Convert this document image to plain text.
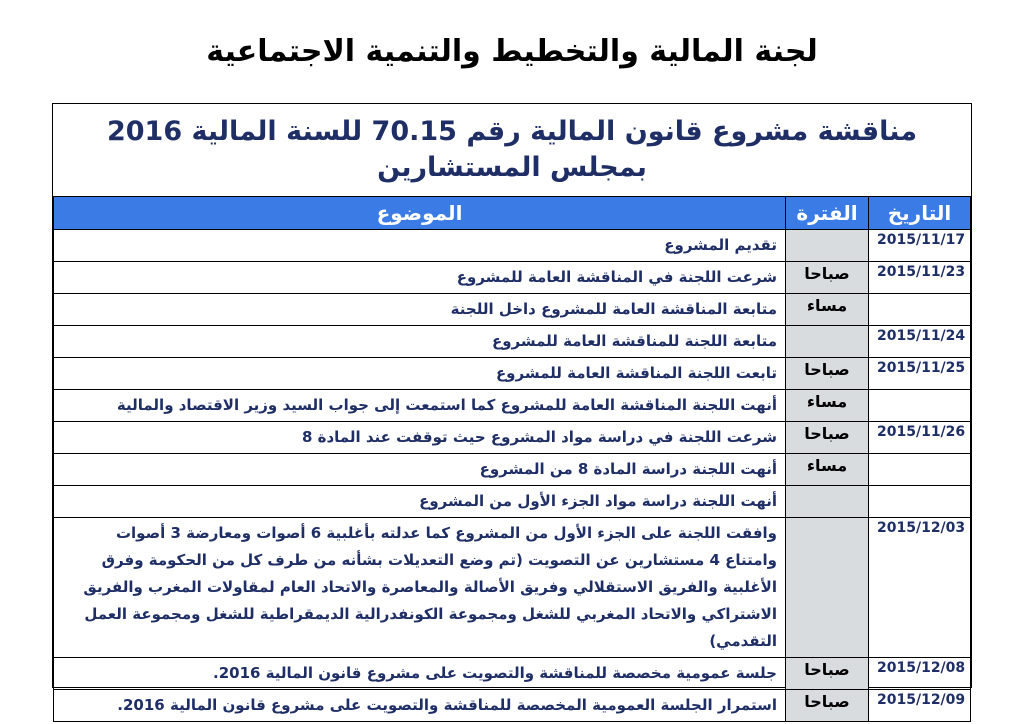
لجنة المالية والتخطيط والتنمية الاجتماعية
مناقشة مشروع قانون المالية رقم 70.15 للسنة المالية 2016
بمجلس المستشارين
التاريخ	الفترة	الموضوع
2015/11/17		تقديم المشروع
2015/11/23	صباحا	شرعت اللجنة في المناقشة العامة للمشروع
	مساء	متابعة المناقشة العامة للمشروع داخل اللجنة
2015/11/24		متابعة اللجنة للمناقشة العامة للمشروع
2015/11/25	صباحا	تابعت اللجنة المناقشة العامة للمشروع
	مساء	أنهت اللجنة المناقشة العامة للمشروع كما استمعت إلى جواب السيد وزير الاقتصاد والمالية
2015/11/26	صباحا	شرعت اللجنة في دراسة مواد المشروع حيث توقفت عند المادة 8
	مساء	أنهت اللجنة دراسة المادة 8 من المشروع
		أنهت اللجنة دراسة مواد الجزء الأول من المشروع
2015/12/03		وافقت اللجنة على الجزء الأول من المشروع كما عدلته بأغلبية 6 أصوات ومعارضة 3 أصوات وامتناع 4 مستشارين عن التصويت (تم وضع التعديلات بشأنه من طرف كل من الحكومة وفرق الأغلبية والفريق الاستقلالي وفريق الأصالة والمعاصرة والاتحاد العام لمقاولات المغرب والفريق الاشتراكي والاتحاد المغربي للشغل ومجموعة الكونفدرالية الديمقراطية للشغل ومجموعة العمل التقدمي)
2015/12/08	صباحا	جلسة عمومية مخصصة للمناقشة والتصويت على مشروع قانون المالية 2016.
2015/12/09	صباحا	استمرار الجلسة العمومية المخصصة للمناقشة والتصويت على مشروع قانون المالية 2016.
